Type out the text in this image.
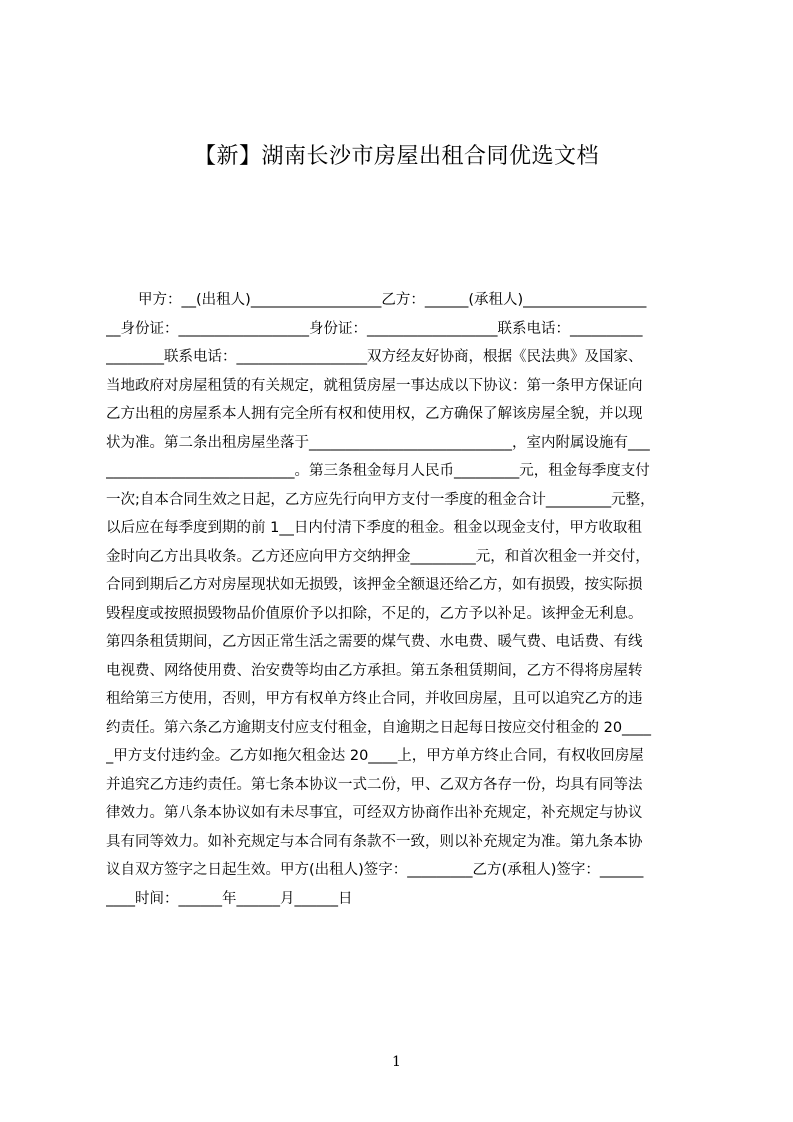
【新】湖南长沙市房屋出租合同优选文档
甲方：__(出租人)__________________乙方：______(承租人)_________________
__身份证：__________________身份证：__________________联系电话：__________
________联系电话：__________________双方经友好协商，根据《民法典》及国家、
当地政府对房屋租赁的有关规定，就租赁房屋一事达成以下协议：第一条甲方保证向
乙方出租的房屋系本人拥有完全所有权和使用权，乙方确保了解该房屋全貌，并以现
状为准。第二条出租房屋坐落于____________________________，室内附属设施有___
__________________________。第三条租金每月人民币_________元，租金每季度支付
一次;自本合同生效之日起，乙方应先行向甲方支付一季度的租金合计_________元整，
以后应在每季度到期的前 1__日内付清下季度的租金。租金以现金支付，甲方收取租
金时向乙方出具收条。乙方还应向甲方交纳押金_________元，和首次租金一并交付，
合同到期后乙方对房屋现状如无损毁，该押金全额退还给乙方，如有损毁，按实际损
毁程度或按照损毁物品价值原价予以扣除，不足的，乙方予以补足。该押金无利息。
第四条租赁期间，乙方因正常生活之需要的煤气费、水电费、暖气费、电话费、有线
电视费、网络使用费、治安费等均由乙方承担。第五条租赁期间，乙方不得将房屋转
租给第三方使用，否则，甲方有权单方终止合同，并收回房屋，且可以追究乙方的违
约责任。第六条乙方逾期支付应支付租金，自逾期之日起每日按应交付租金的 20____
_甲方支付违约金。乙方如拖欠租金达 20____上，甲方单方终止合同，有权收回房屋
并追究乙方违约责任。第七条本协议一式二份，甲、乙双方各存一份，均具有同等法
律效力。第八条本协议如有未尽事宜，可经双方协商作出补充规定，补充规定与协议
具有同等效力。如补充规定与本合同有条款不一致，则以补充规定为准。第九条本协
议自双方签字之日起生效。甲方(出租人)签字：_________乙方(承租人)签字：______
____时间：______年______月______日
1
